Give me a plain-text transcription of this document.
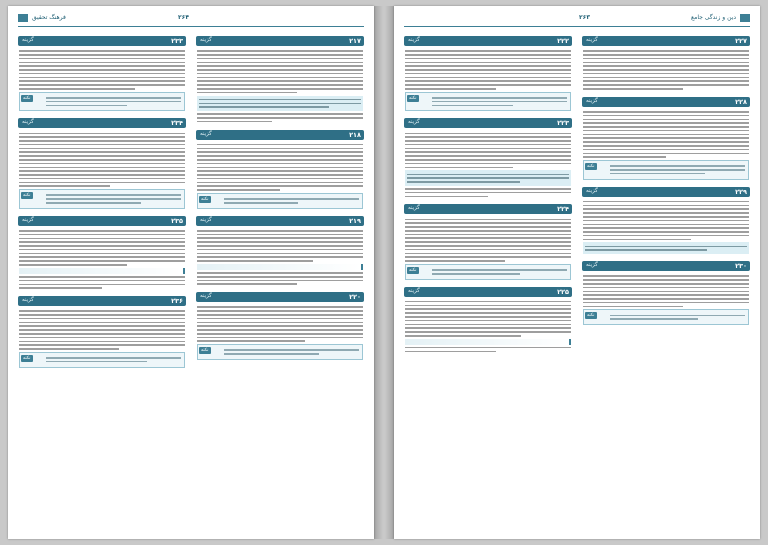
فرهنگ تحقیق	۲۶۴
۲۳۳
گزینه
نکته
۲۳۴
گزینه
نکته
۲۳۵
گزینه
۲۳۶
گزینه
نکته
۲۱۷
گزینه
۲۱۸
گزینه
نکته
۲۱۹
گزینه
۲۲۰
گزینه
نکته
دین و زندگی جامع
۲۶۳
۲۲۲
گزینه
نکته
۲۲۳
گزینه
۲۲۴
گزینه
نکته
۲۲۵
گزینه
۲۲۷
گزینه
۲۲۸
گزینه
نکته
۲۲۹
گزینه
۲۳۰
گزینه
نکته
